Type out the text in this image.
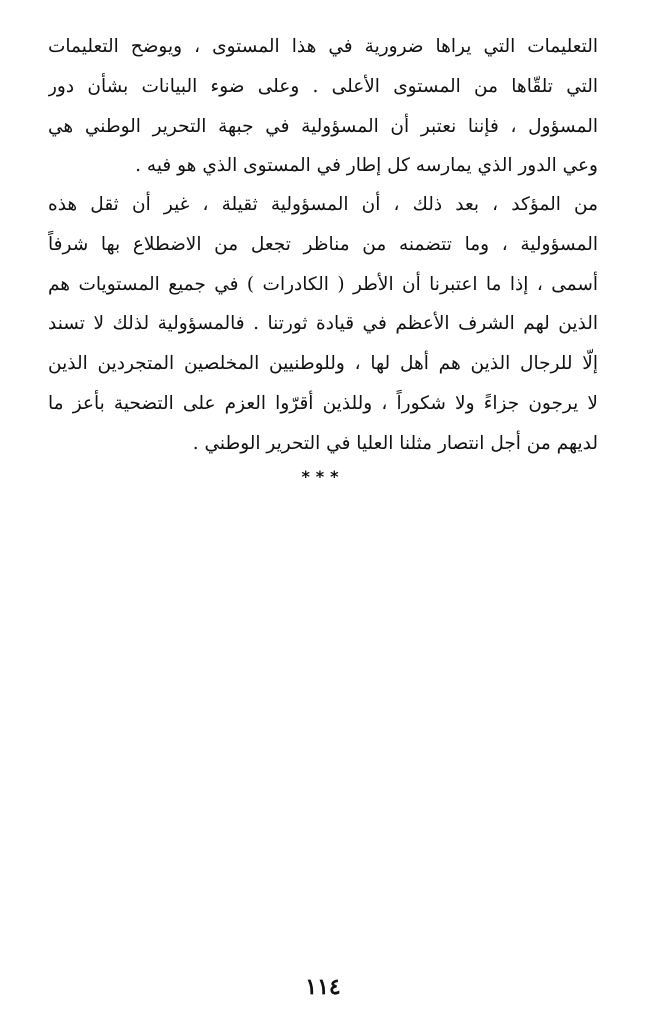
التعليمات التي يراها ضرورية في هذا المستوى ، ويوضح التعليمات
التي تلقّاها من المستوى الأعلى . وعلى ضوء البيانات بشأن دور
المسؤول ، فإننا نعتبر أن المسؤولية في جبهة التحرير الوطني هي
وعي الدور الذي يمارسه كل إطار في المستوى الذي هو فيه .
من المؤكد ، بعد ذلك ، أن المسؤولية ثقيلة ، غير أن ثقل هذه
المسؤولية ، وما تتضمنه من مناظر تجعل من الاضطلاع بها شرفاً
أسمى ، إذا ما اعتبرنا أن الأطر ( الكادرات ) في جميع المستويات هم
الذين لهم الشرف الأعظم في قيادة ثورتنا . فالمسؤولية لذلك لا تسند
إلّا للرجال الذين هم أهل لها ، وللوطنيين المخلصين المتجردين الذين
لا يرجون جزاءً ولا شكوراً ، وللذين أقرّوا العزم على التضحية بأعز ما
لديهم من أجل انتصار مثلنا العليا في التحرير الوطني .
***
١١٤
